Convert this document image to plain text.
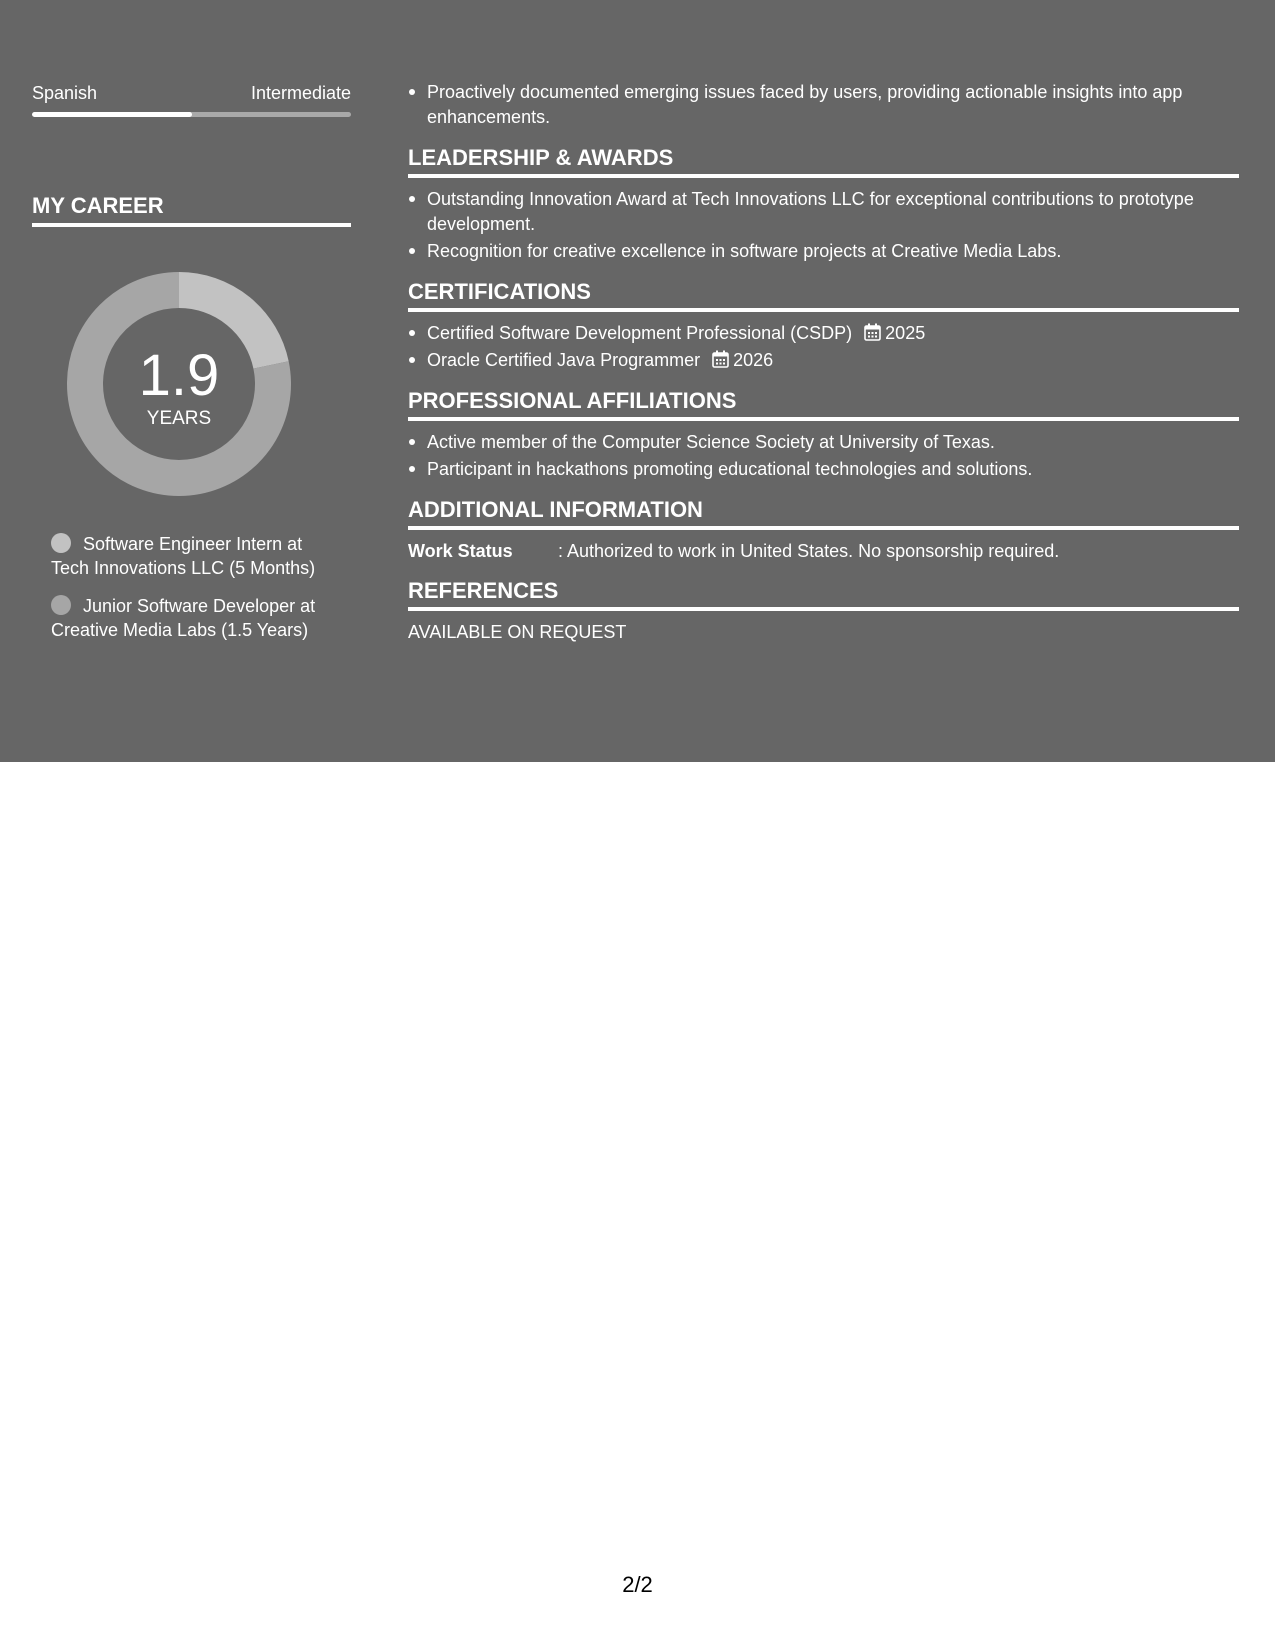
Spanish	Intermediate
MY CAREER
1.9
YEARS
Software Engineer Intern at Tech Innovations LLC (5 Months)
Junior Software Developer at Creative Media Labs (1.5 Years)
Proactively documented emerging issues faced by users, providing actionable insights into app enhancements.
LEADERSHIP & AWARDS
Outstanding Innovation Award at Tech Innovations LLC for exceptional contributions to prototype development.
Recognition for creative excellence in software projects at Creative Media Labs.
CERTIFICATIONS
Certified Software Development Professional (CSDP) 2025
Oracle Certified Java Programmer 2026
PROFESSIONAL AFFILIATIONS
Active member of the Computer Science Society at University of Texas.
Participant in hackathons promoting educational technologies and solutions.
ADDITIONAL INFORMATION
Work Status	: Authorized to work in United States. No sponsorship required.
REFERENCES
AVAILABLE ON REQUEST
2/2
